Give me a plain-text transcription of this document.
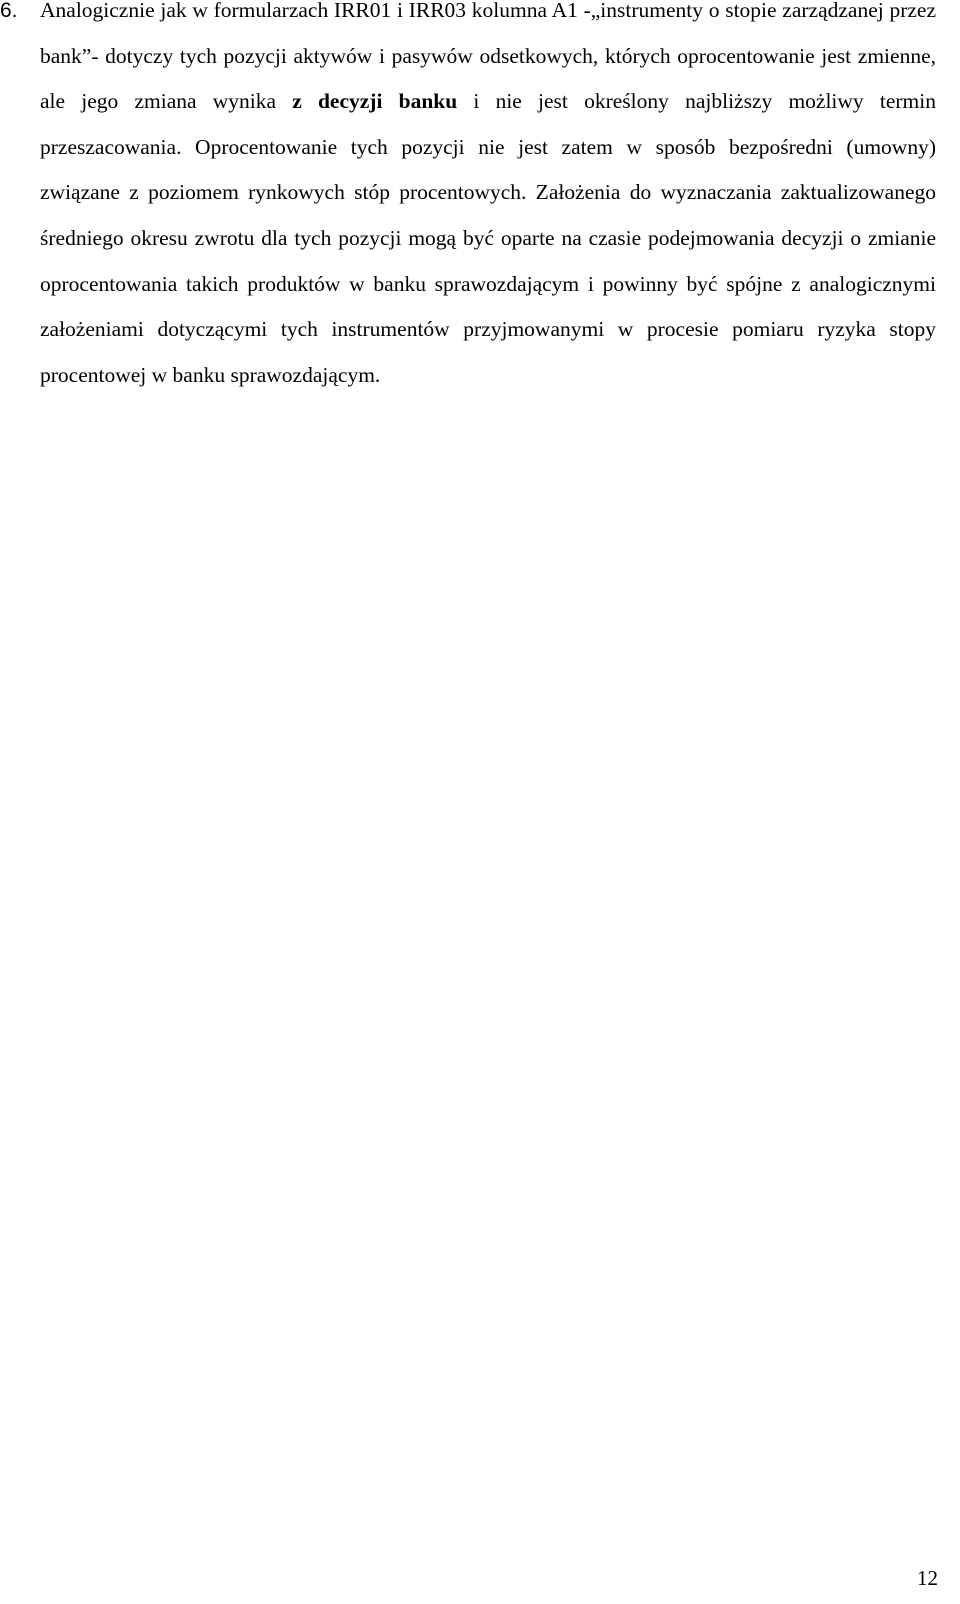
6. Analogicznie jak w formularzach IRR01 i IRR03 kolumna A1 -„instrumenty o stopie zarządzanej przez bank”- dotyczy tych pozycji aktywów i pasywów odsetkowych, których oprocentowanie jest zmienne, ale jego zmiana wynika z decyzji banku i nie jest określony najbliższy możliwy termin przeszacowania. Oprocentowanie tych pozycji nie jest zatem w sposób bezpośredni (umowny) związane z poziomem rynkowych stóp procentowych. Założenia do wyznaczania zaktualizowanego średniego okresu zwrotu dla tych pozycji mogą być oparte na czasie podejmowania decyzji o zmianie oprocentowania takich produktów w banku sprawozdającym i powinny być spójne z analogicznymi założeniami dotyczącymi tych instrumentów przyjmowanymi w procesie pomiaru ryzyka stopy procentowej w banku sprawozdającym.
12
